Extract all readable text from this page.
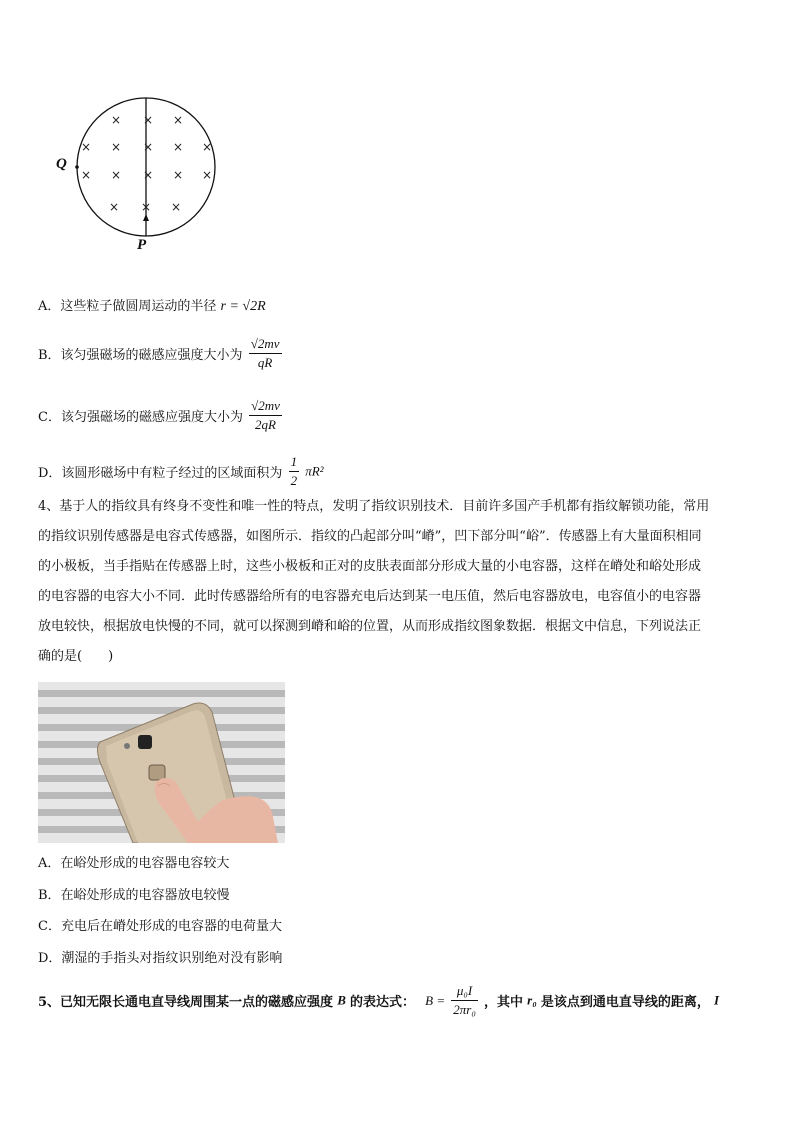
× × ×
× × × × ×
× × × × ×
× × ×
Q
P
A．这些粒子做圆周运动的半径 r = √2R
B．该匀强磁场的磁感应强度大小为 $\frac{√2mv}{qR}$
C．该匀强磁场的磁感应强度大小为 $\frac{√2mv}{2qR}$
D．该圆形磁场中有粒子经过的区域面积为 $\frac{1}{2} \pi R^2$
4、基于人的指纹具有终身不变性和唯一性的特点，发明了指纹识别技术．目前许多国产手机都有指纹解锁功能，常用
的指纹识别传感器是电容式传感器，如图所示．指纹的凸起部分叫“嵴”，凹下部分叫“峪”．传感器上有大量面积相同
的小极板，当手指贴在传感器上时，这些小极板和正对的皮肤表面部分形成大量的小电容器，这样在嵴处和峪处形成
的电容器的电容大小不同．此时传感器给所有的电容器充电后达到某一电压值，然后电容器放电，电容值小的电容器
放电较快，根据放电快慢的不同，就可以探测到嵴和峪的位置，从而形成指纹图象数据．根据文中信息，下列说法正
确的是(　　)
A．在峪处形成的电容器电容较大
B．在峪处形成的电容器放电较慢
C．充电后在嵴处形成的电容器的电荷量大
D．潮湿的手指头对指纹识别绝对没有影响
5、已知无限长通电直导线周围某一点的磁感应强度 B 的表达式： $B = \frac{\text{μ₀I}}{\text{2πr₀}}$ ，其中 r₀ 是该点到通电直导线的距离， I
